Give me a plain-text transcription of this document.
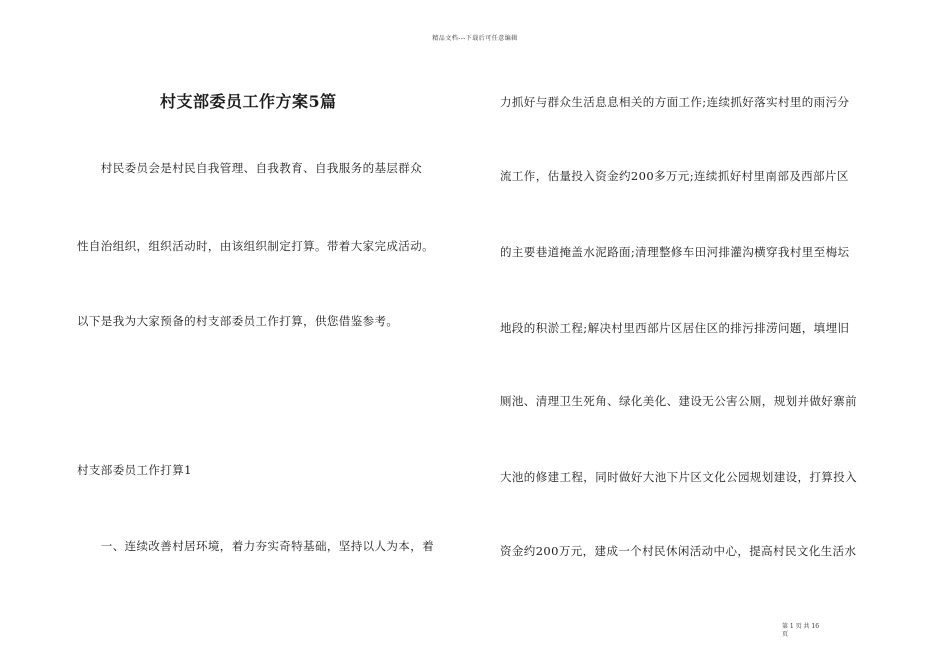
精品文档---下载后可任意编辑
村支部委员工作方案5篇
　　村民委员会是村民自我管理、自我教育、自我服务的基层群众
性自治组织，组织活动时，由该组织制定打算。带着大家完成活动。
以下是我为大家预备的村支部委员工作打算，供您借鉴参考。
村支部委员工作打算1
　　一、连续改善村居环境，着力夯实奇特基础，坚持以人为本，着
力抓好与群众生活息息相关的方面工作;连续抓好落实村里的雨污分
流工作，估量投入资金约200多万元;连续抓好村里南部及西部片区
的主要巷道掩盖水泥路面;清理整修车田河排灌沟横穿我村里至梅坛
地段的积淤工程;解决村里西部片区居住区的排污排涝问题，填埋旧
厕池、清理卫生死角、绿化美化、建设无公害公厕，规划并做好寨前
大池的修建工程，同时做好大池下片区文化公园规划建设，打算投入
资金约200万元，建成一个村民休闲活动中心，提高村民文化生活水
第 1 页 共 16
页
